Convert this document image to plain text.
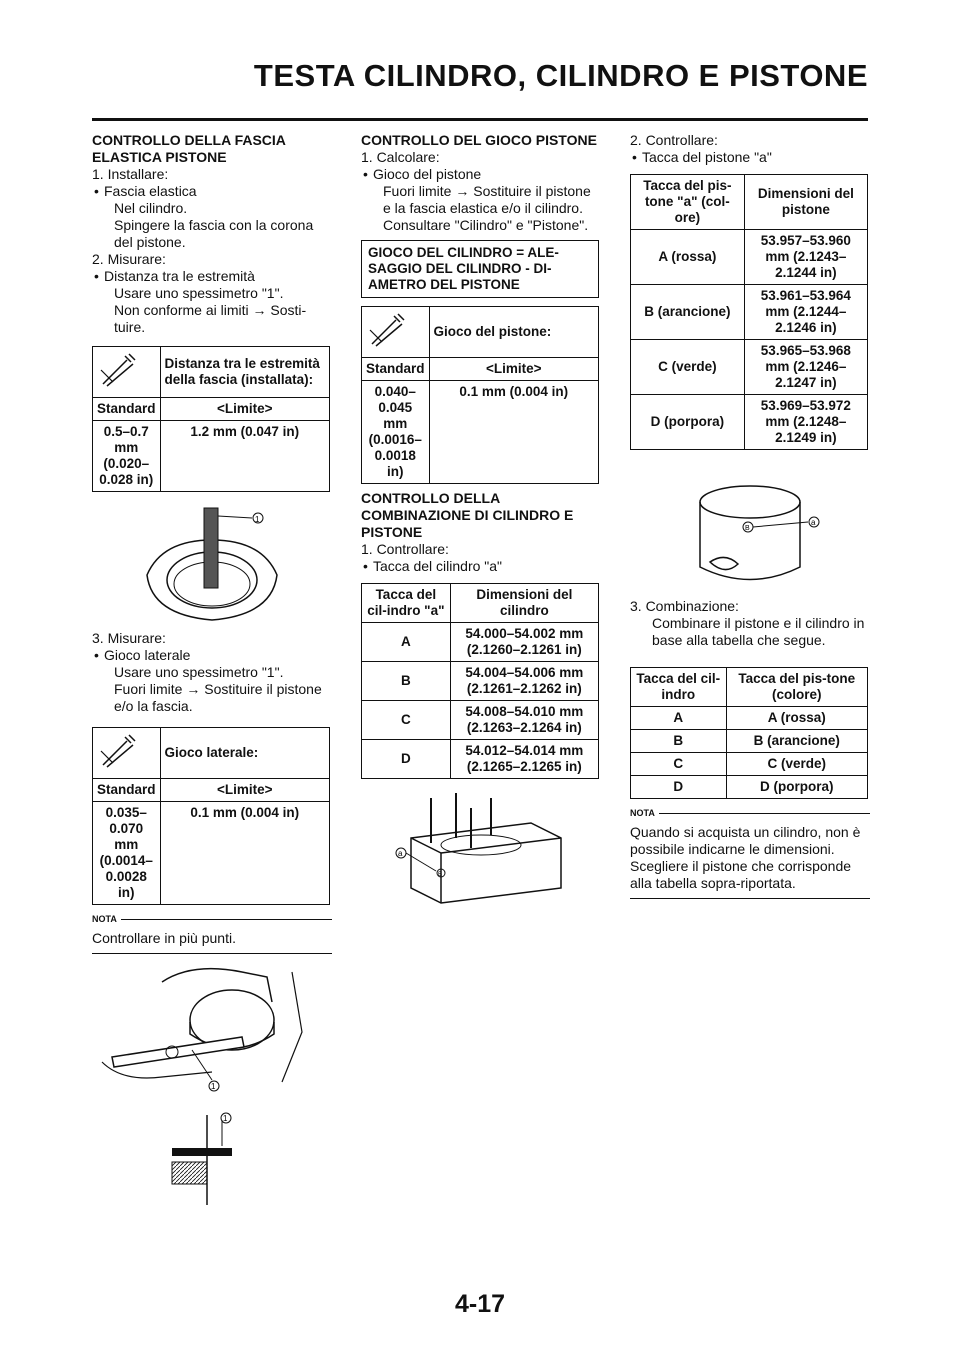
TESTA CILINDRO, CILINDRO E PISTONE
CONTROLLO DELLA FASCIA ELASTICA PISTONE
1. Installare:
• Fascia elastica
Nel cilindro.
Spingere la fascia con la corona del pistone.
2. Misurare:
• Distanza tra le estremità
Usare uno spessimetro "1".
Non conforme ai limiti → Sosti-tuire.
	Distanza tra le estremità della fascia (installata):
Standard	<Limite>
0.5–0.7 mm (0.020–0.028 in)	1.2 mm (0.047 in)
1
3. Misurare:
• Gioco laterale
Usare uno spessimetro "1".
Fuori limite → Sostituire il pistone e/o la fascia.
	Gioco laterale:
Standard	<Limite>
0.035–0.070 mm (0.0014–0.0028 in)	0.1 mm (0.004 in)
NOTA
Controllare in più punti.
1
1
CONTROLLO DEL GIOCO PISTONE
1. Calcolare:
• Gioco del pistone
Fuori limite → Sostituire il pistone e la fascia elastica e/o il cilindro. Consultare "Cilindro" e "Pistone".
GIOCO DEL CILINDRO = ALE-SAGGIO DEL CILINDRO - DI-AMETRO DEL PISTONE
	Gioco del pistone:
Standard	<Limite>
0.040–0.045 mm (0.0016–0.0018 in)	0.1 mm (0.004 in)
CONTROLLO DELLA COMBINAZIONE DI CILINDRO E PISTONE
1. Controllare:
• Tacca del cilindro "a"
Tacca del cil-indro "a"	Dimensioni del cilindro
A	54.000–54.002 mm (2.1260–2.1261 in)
B	54.004–54.006 mm (2.1261–2.1262 in)
C	54.008–54.010 mm (2.1263–2.1264 in)
D	54.012–54.014 mm (2.1265–2.1265 in)
a
B
2. Controllare:
• Tacca del pistone "a"
Tacca del pis-tone "a" (col-ore)	Dimensioni del pistone
A (rossa)	53.957–53.960 mm (2.1243–2.1244 in)
B (arancione)	53.961–53.964 mm (2.1244–2.1246 in)
C (verde)	53.965–53.968 mm (2.1246–2.1247 in)
D (porpora)	53.969–53.972 mm (2.1248–2.1249 in)
B
a
3. Combinazione:
Combinare il pistone e il cilindro in base alla tabella che segue.
Tacca del cil-indro	Tacca del pis-tone (colore)
A	A (rossa)
B	B (arancione)
C	C (verde)
D	D (porpora)
NOTA
Quando si acquista un cilindro, non è possibile indicarne le dimensioni. Scegliere il pistone che corrisponde alla tabella sopra-riportata.
4-17
